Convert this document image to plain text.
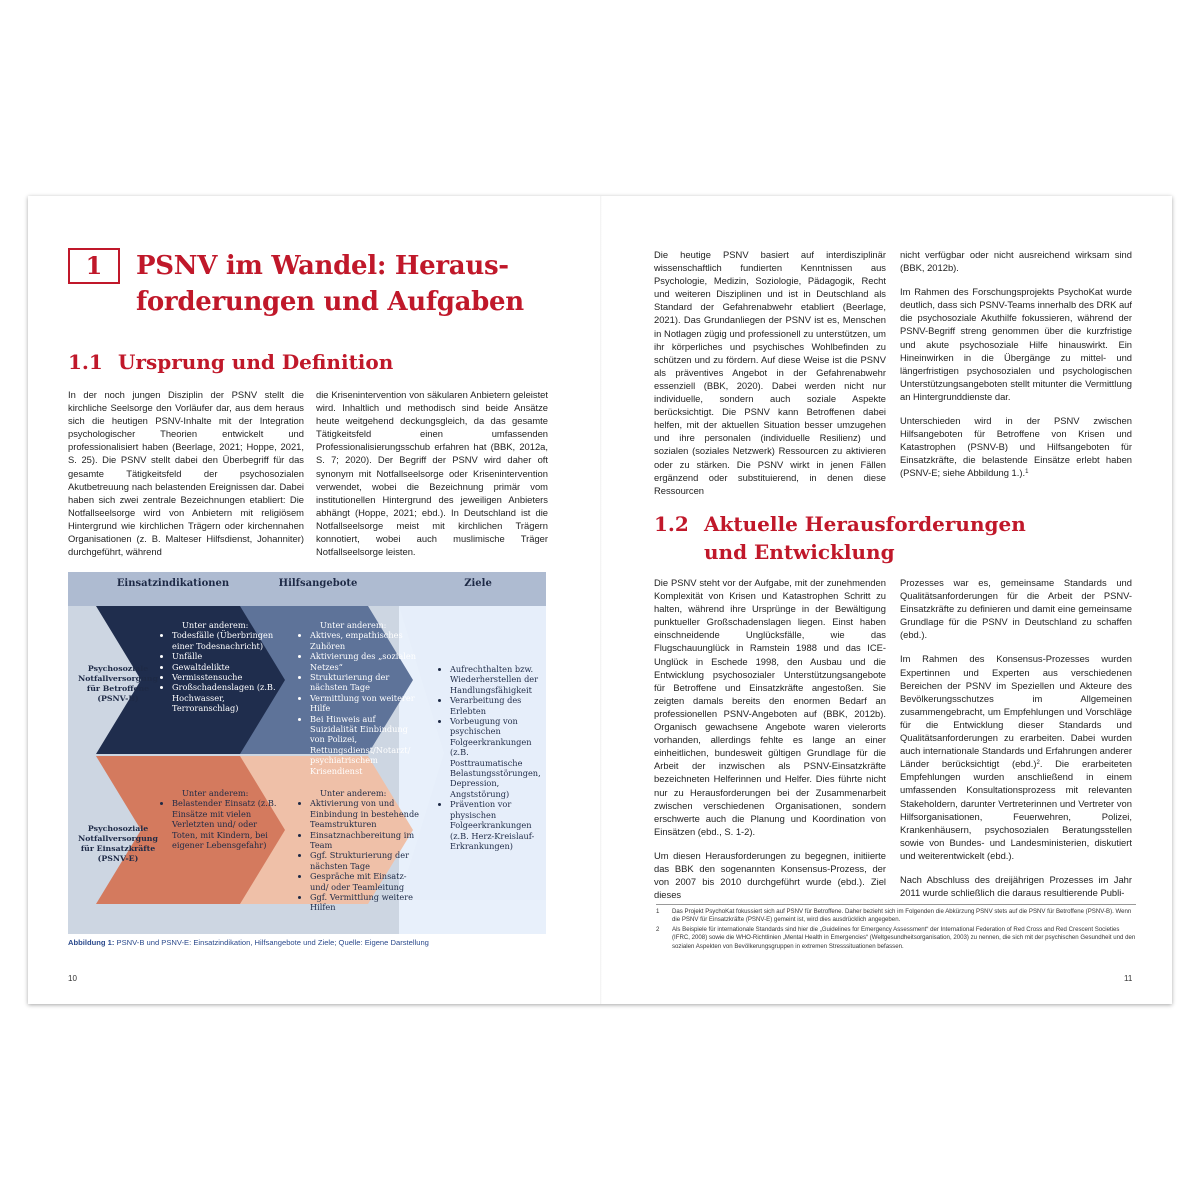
1	PSNV im Wandel: Heraus-
forderungen und Aufgaben
1.1 Ursprung und Definition
In der noch jungen Disziplin der PSNV stellt die kirchliche Seelsorge den Vorläufer dar, aus dem heraus sich die heutigen PSNV-Inhalte mit der Integration psychologischer Theorien entwickelt und professionalisiert haben (Beerlage, 2021; Hoppe, 2021, S. 25). Die PSNV stellt dabei den Überbegriff für das gesamte Tätigkeitsfeld der psychosozialen Akutbetreuung nach belastenden Ereignissen dar. Dabei haben sich zwei zentrale Bezeichnungen etabliert: Die Notfallseelsorge wird von Anbietern mit religiösem Hintergrund wie kirchlichen Trägern oder kirchennahen Organisationen (z. B. Malteser Hilfsdienst, Johanniter) durchgeführt, während
die Krisenintervention von säkularen Anbietern geleistet wird. Inhaltlich und methodisch sind beide Ansätze heute weitgehend deckungsgleich, da das gesamte Tätigkeitsfeld einen umfassenden Professionalisierungsschub erfahren hat (BBK, 2012a, S. 7; 2020). Der Begriff der PSNV wird daher oft synonym mit Notfallseelsorge oder Krisenintervention verwendet, wobei die Bezeichnung primär vom institutionellen Hintergrund des jeweiligen Anbieters abhängt (Hoppe, 2021; ebd.). In Deutschland ist die Notfallseelsorge meist mit kirchlichen Trägern konnotiert, wobei auch muslimische Träger Notfallseelsorge leisten.
Einsatzindikationen	Hilfsangebote	Ziele
Psychosoziale Notfallversorgung für Betroffene (PSNV-B)
Psychosoziale Notfallversorgung für Einsatzkräfte (PSNV-E)
Unter anderem:
• Todesfälle (Überbringen einer Todesnachricht)
• Unfälle
• Gewaltdelikte
• Vermisstensuche
• Großschadenslagen (z.B. Hochwasser, Terroranschlag)
Unter anderem:
• Aktives, empathisches Zuhören
• Aktivierung des „sozialen Netzes“
• Strukturierung der nächsten Tage
• Vermittlung von weiterer Hilfe
• Bei Hinweis auf Suizidalität Einbindung von Polizei, Rettungsdienst/Notarzt/ psychiatrischem Krisendienst
Unter anderem:
• Belastender Einsatz (z.B. Einsätze mit vielen Verletzten und/ oder Toten, mit Kindern, bei eigener Lebensgefahr)
Unter anderem:
• Aktivierung von und Einbindung in bestehende Teamstrukturen
• Einsatznachbereitung im Team
• Ggf. Strukturierung der nächsten Tage
• Gespräche mit Einsatz-und/ oder Teamleitung
• Ggf. Vermittlung weitere Hilfen
• Aufrechthalten bzw. Wiederherstellen der Handlungsfähigkeit
• Verarbeitung des Erlebten
• Vorbeugung von psychischen Folgeerkrankungen (z.B. Posttraumatische Belastungsstörungen, Depression, Angststörung)
• Prävention vor physischen Folgeerkrankungen (z.B. Herz-Kreislauf-Erkrankungen)
Abbildung 1: PSNV-B und PSNV-E: Einsatzindikation, Hilfsangebote und Ziele; Quelle: Eigene Darstellung
10
Die heutige PSNV basiert auf interdisziplinär wissenschaftlich fundierten Kenntnissen aus Psychologie, Medizin, Soziologie, Pädagogik, Recht und weiteren Disziplinen und ist in Deutschland als Standard der Gefahrenabwehr etabliert (Beerlage, 2021). Das Grundanliegen der PSNV ist es, Menschen in Notlagen zügig und professionell zu unterstützen, um ihr körperliches und psychisches Wohlbefinden zu schützen und zu fördern. Auf diese Weise ist die PSNV als präventives Angebot in der Gefahrenabwehr essenziell (BBK, 2020). Dabei werden nicht nur individuelle, sondern auch soziale Aspekte berücksichtigt. Die PSNV kann Betroffenen dabei helfen, mit der aktuellen Situation besser umzugehen und ihre personalen (individuelle Resilienz) und sozialen (soziales Netzwerk) Ressourcen zu aktivieren oder zu stärken. Die PSNV wirkt in jenen Fällen ergänzend oder substituierend, in denen diese Ressourcen
nicht verfügbar oder nicht ausreichend wirksam sind (BBK, 2012b).
Im Rahmen des Forschungsprojekts PsychoKat wurde deutlich, dass sich PSNV-Teams innerhalb des DRK auf die psychosoziale Akuthilfe fokussieren, während der PSNV-Begriff streng genommen über die kurzfristige und akute psychosoziale Hilfe hinauswirkt. Ein Hineinwirken in die Übergänge zu mittel- und längerfristigen psychosozialen und psychologischen Unterstützungsangeboten stellt mitunter die Vermittlung an Hintergrunddienste dar.
Unterschieden wird in der PSNV zwischen Hilfsangeboten für Betroffene von Krisen und Katastrophen (PSNV-B) und Hilfsangeboten für Einsatzkräfte, die belastende Einsätze erlebt haben (PSNV-E; siehe Abbildung 1.).$^1$
1.2 Aktuelle Herausforderungen
und Entwicklung
Die PSNV steht vor der Aufgabe, mit der zunehmenden Komplexität von Krisen und Katastrophen Schritt zu halten, während ihre Ursprünge in der Bewältigung punktueller Großschadenslagen liegen. Einst haben einschneidende Unglücksfälle, wie das Flugschauunglück in Ramstein 1988 und das ICE-Unglück in Eschede 1998, den Ausbau und die Entwicklung psychosozialer Unterstützungsangebote für Betroffene und Einsatzkräfte angestoßen. Sie zeigten damals bereits den enormen Bedarf an professionellen PSNV-Angeboten auf (BBK, 2012b). Organisch gewachsene Angebote waren vielerorts vorhanden, allerdings fehlte es lange an einer einheitlichen, bundesweit gültigen Grundlage für die Arbeit der inzwischen als PSNV-Einsatzkräfte bezeichneten Helferinnen und Helfer. Dies führte nicht nur zu Herausforderungen bei der Zusammenarbeit zwischen verschiedenen Organisationen, sondern erschwerte auch die Planung und Koordination von Einsätzen (ebd., S. 1-2).
Um diesen Herausforderungen zu begegnen, initiierte das BBK den sogenannten Konsensus-Prozess, der von 2007 bis 2010 durchgeführt wurde (ebd.). Ziel dieses
Prozesses war es, gemeinsame Standards und Qualitätsanforderungen für die Arbeit der PSNV-Einsatzkräfte zu definieren und damit eine gemeinsame Grundlage für die PSNV in Deutschland zu schaffen (ebd.).
Im Rahmen des Konsensus-Prozesses wurden Expertinnen und Experten aus verschiedenen Bereichen der PSNV im Speziellen und Akteure des Bevölkerungsschutzes im Allgemeinen zusammengebracht, um Empfehlungen und Vorschläge für die Entwicklung dieser Standards und Qualitätsanforderungen zu erarbeiten. Dabei wurden auch internationale Standards und Erfahrungen anderer Länder berücksichtigt $(ebd.)^2$. Die erarbeiteten Empfehlungen wurden anschließend in einem umfassenden Konsultationsprozess mit relevanten Stakeholdern, darunter Vertreterinnen und Vertreter von Hilfsorganisationen, Feuerwehren, Polizei, Krankenhäusern, psychosozialen Beratungsstellen sowie von Bundes- und Landesministerien, diskutiert und weiterentwickelt (ebd.).
Nach Abschluss des dreijährigen Prozesses im Jahr 2011 wurde schließlich die daraus resultierende Publi-
1	Das Projekt PsychoKat fokussiert sich auf PSNV für Betroffene. Daher bezieht sich im Folgenden die Abkürzung PSNV stets auf die PSNV für Betroffene (PSNV-B). Wenn die PSNV für Einsatzkräfte (PSNV-E) gemeint ist, wird dies ausdrücklich angegeben.
2	Als Beispiele für internationale Standards sind hier die „Guidelines for Emergency Assessment“ der International Federation of Red Cross and Red Crescent Societies (IFRC, 2008) sowie die WHO-Richtlinien „Mental Health in Emergencies“ (Weltgesundheitsorganisation, 2003) zu nennen, die sich mit der psychischen Gesundheit und den sozialen Aspekten von Bevölkerungsgruppen in extremen Stresssituationen befassen.
11
